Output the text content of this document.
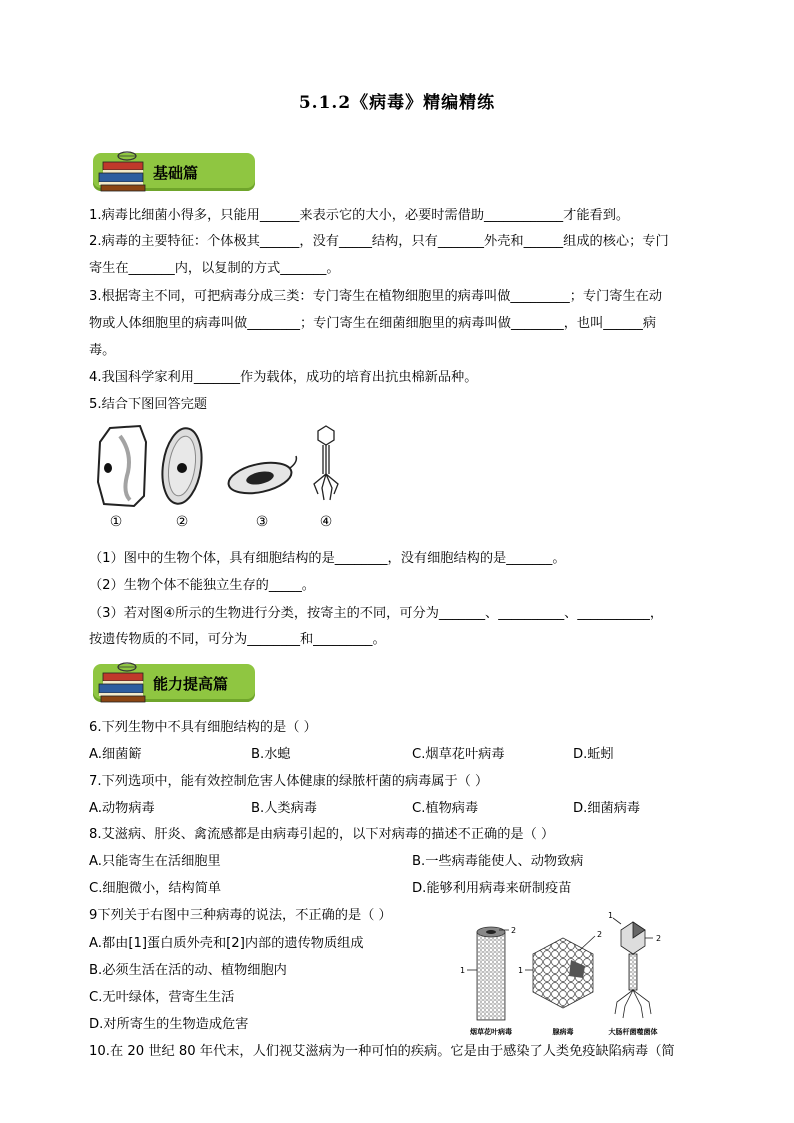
5.1.2《病毒》精编精练
基础篇
1.病毒比细菌小得多，只能用______来表示它的大小，必要时需借助____________才能看到。
2.病毒的主要特征：个体极其______，没有_____结构，只有_______外壳和______组成的核心；专门
寄生在_______内，以复制的方式_______。
3.根据寄主不同，可把病毒分成三类：专门寄生在植物细胞里的病毒叫做_________；专门寄生在动
物或人体细胞里的病毒叫做________；专门寄生在细菌细胞里的病毒叫做________，也叫______病
毒。
4.我国科学家利用_______作为载体，成功的培育出抗虫棉新品种。
5.结合下图回答完题
①	②	③	④
（1）图中的生物个体，具有细胞结构的是________，没有细胞结构的是_______。
（2）生物个体不能独立生存的_____。
（3）若对图④所示的生物进行分类，按寄主的不同，可分为_______、__________、___________，
按遗传物质的不同，可分为________和_________。
能力提高篇
6.下列生物中不具有细胞结构的是（ ）
A.细菌簖	B.水螅	C.烟草花叶病毒	D.蚯蚓
7.下列选项中，能有效控制危害人体健康的绿脓杆菌的病毒属于（ ）
A.动物病毒	B.人类病毒	C.植物病毒	D.细菌病毒
8.艾滋病、肝炎、禽流感都是由病毒引起的，以下对病毒的描述不正确的是（ ）
A.只能寄生在活细胞里	B.一些病毒能使人、动物致病
C.细胞微小，结构简单	D.能够利用病毒来研制疫苗
9下列关于右图中三种病毒的说法，不正确的是（ ）
A.都由[1]蛋白质外壳和[2]内部的遗传物质组成
B.必须生活在活的动、植物细胞内
C.无叶绿体，营寄生生活
D.对所寄生的生物造成危害
2
1
2
1
1
2
烟草花叶病毒	腺病毒	大肠杆菌噬菌体
10.在 20 世纪 80 年代末，人们视艾滋病为一种可怕的疾病。它是由于感染了人类免疫缺陷病毒（简
